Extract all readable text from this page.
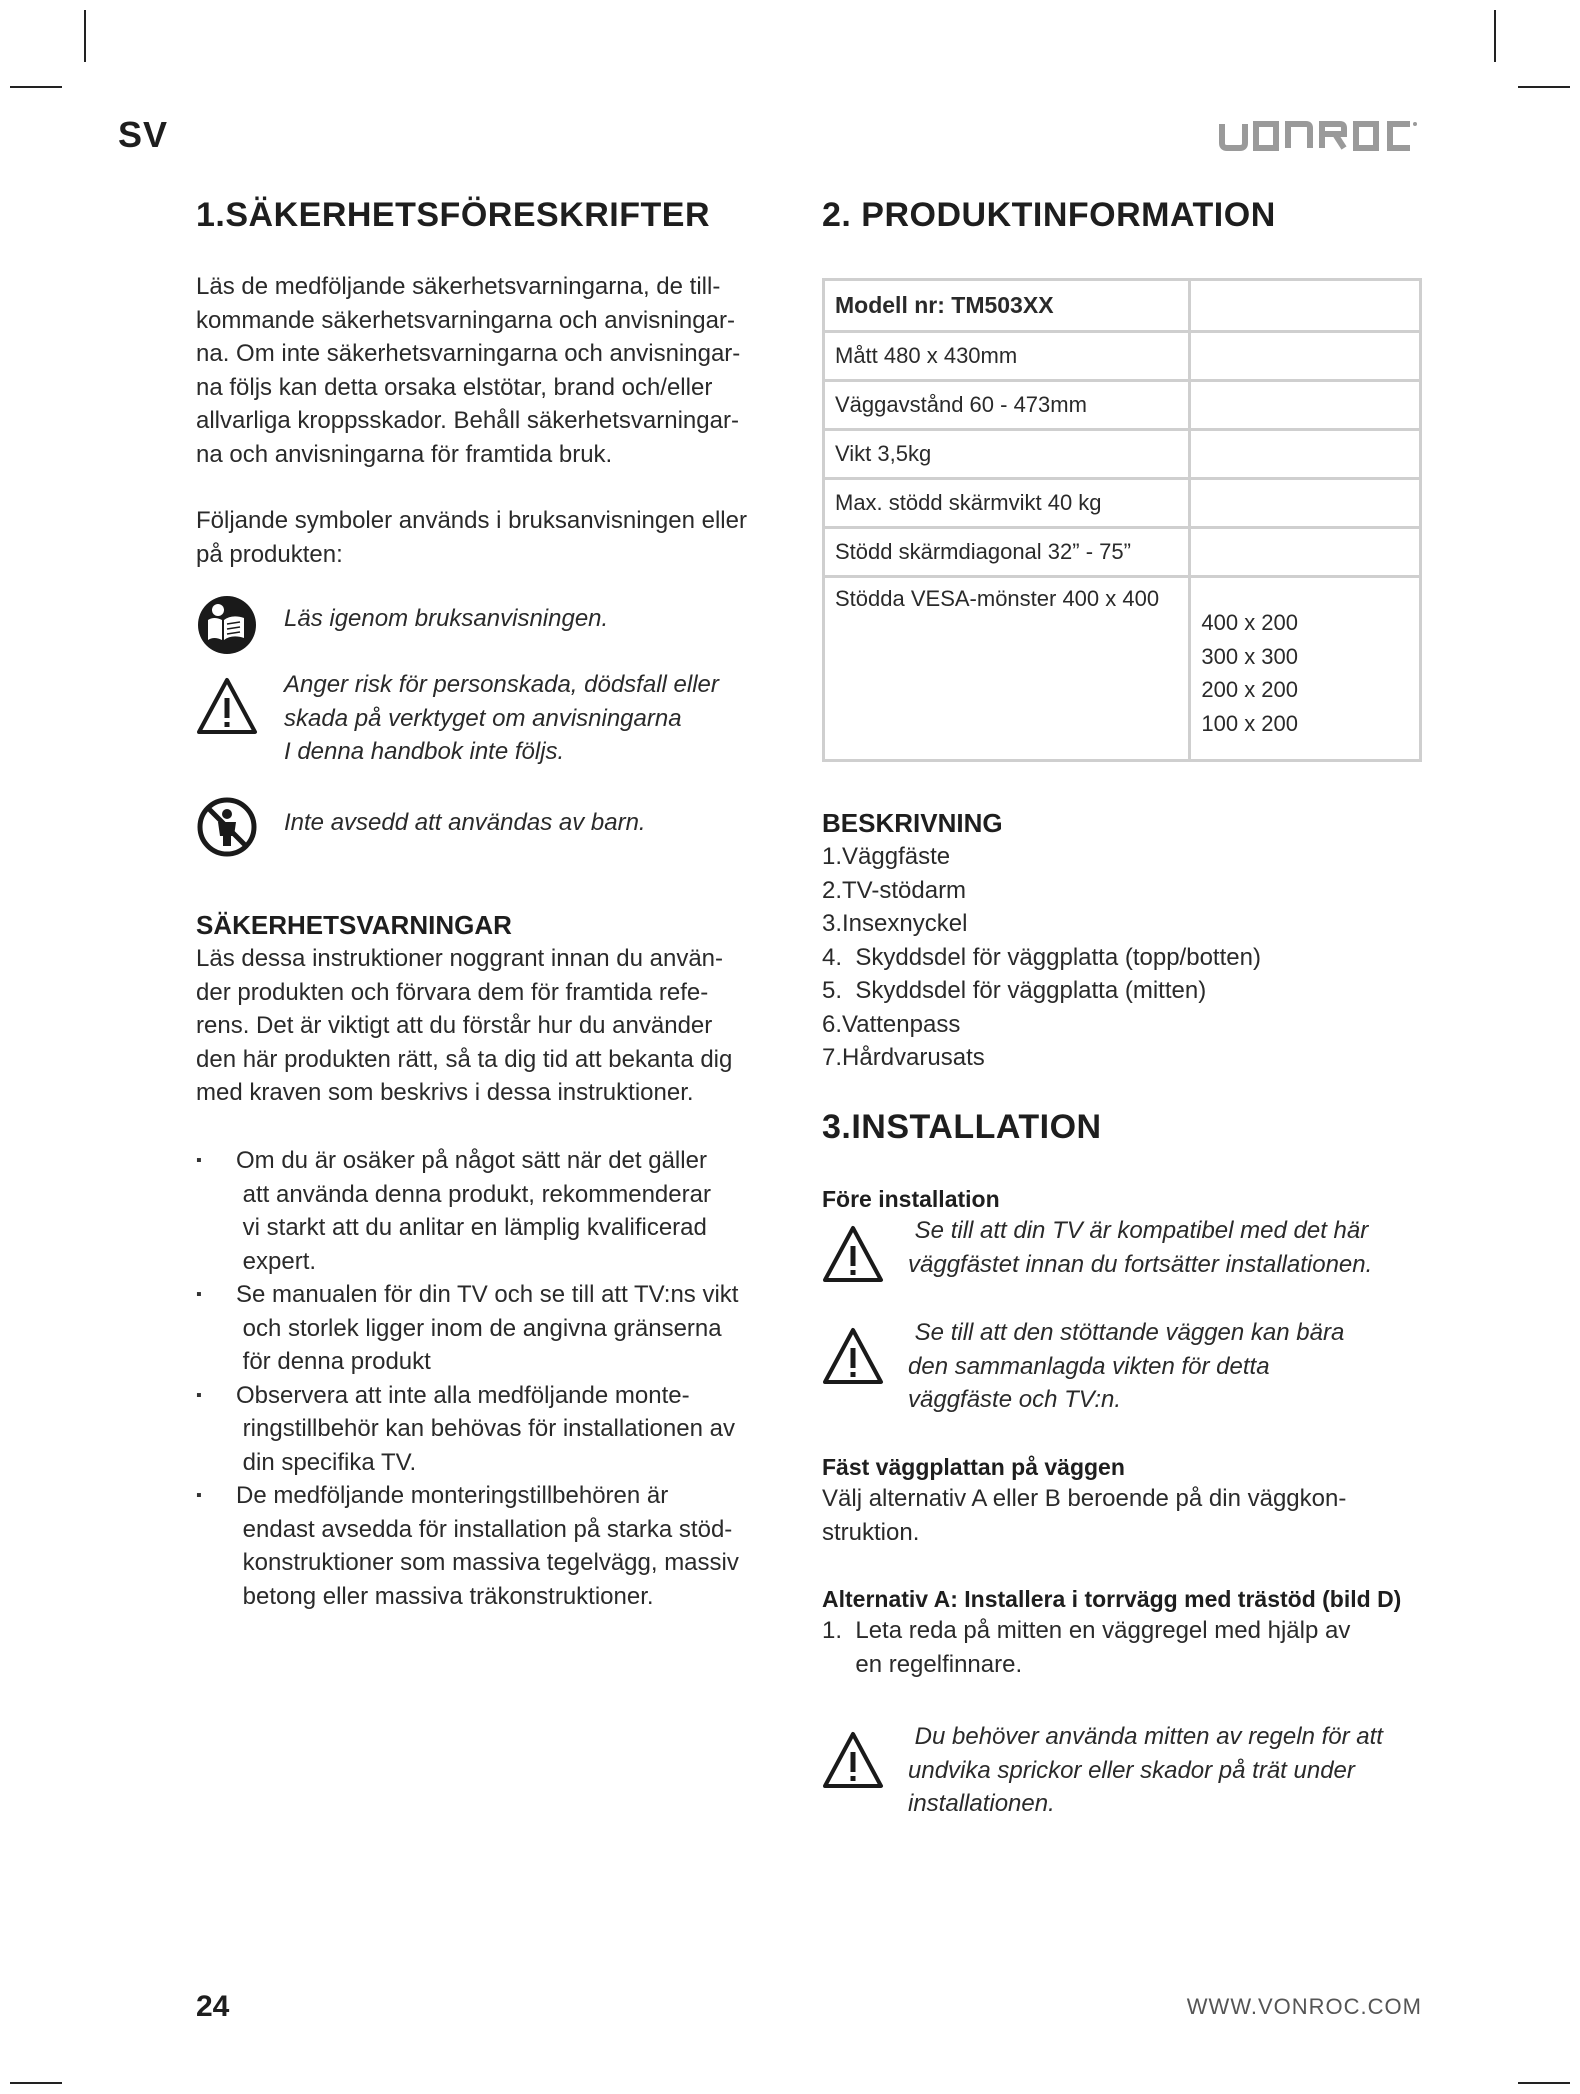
SV
1.SÄKERHETSFÖRESKRIFTER
Läs de medföljande säkerhetsvarningarna, de till-
kommande säkerhetsvarningarna och anvisningar-
na. Om inte säkerhetsvarningarna och anvisningar-
na följs kan detta orsaka elstötar, brand och/eller
allvarliga kroppsskador. Behåll säkerhetsvarningar-
na och anvisningarna för framtida bruk.
Följande symboler används i bruksanvisningen eller
på produkten:
Läs igenom bruksanvisningen.
Anger risk för personskada, dödsfall eller
skada på verktyget om anvisningarna
I denna handbok inte följs.
Inte avsedd att användas av barn.
SÄKERHETSVARNINGAR
Läs dessa instruktioner noggrant innan du använ-
der produkten och förvara dem för framtida refe-
rens. Det är viktigt att du förstår hur du använder
den här produkten rätt, så ta dig tid att bekanta dig
med kraven som beskrivs i dessa instruktioner.
▪ Om du är osäker på något sätt när det gäller
att använda denna produkt, rekommenderar
vi starkt att du anlitar en lämplig kvalificerad
expert.
▪ Se manualen för din TV och se till att TV:ns vikt
och storlek ligger inom de angivna gränserna
för denna produkt
▪ Observera att inte alla medföljande monte-
ringstillbehör kan behövas för installationen av
din specifika TV.
▪ De medföljande monteringstillbehören är
endast avsedda för installation på starka stöd-
konstruktioner som massiva tegelvägg, massiv
betong eller massiva träkonstruktioner.
2. PRODUKTINFORMATION
Modell nr: TM503XX	
Mått 480 x 430mm	
Väggavstånd 60 - 473mm	
Vikt 3,5kg	
Max. stödd skärmvikt 40 kg	
Stödd skärmdiagonal 32” - 75”	
Stödda VESA-mönster 400 x 400	400 x 200
300 x 300
200 x 200
100 x 200
BESKRIVNING
1.Väggfäste
2.TV-stödarm
3.Insexnyckel
4.  Skyddsdel för väggplatta (topp/botten)
5.  Skyddsdel för väggplatta (mitten)
6.Vattenpass
7.Hårdvarusats
3.INSTALLATION
Före installation
Se till att din TV är kompatibel med det här
väggfästet innan du fortsätter installationen.
Se till att den stöttande väggen kan bära
den sammanlagda vikten för detta
väggfäste och TV:n.
Fäst väggplattan på väggen
Välj alternativ A eller B beroende på din väggkon-
struktion.
Alternativ A: Installera i torrvägg med trästöd (bild D)
1.  Leta reda på mitten en väggregel med hjälp av
en regelfinnare.
Du behöver använda mitten av regeln för att
undvika sprickor eller skador på trät under
installationen.
24	WWW.VONROC.COM
